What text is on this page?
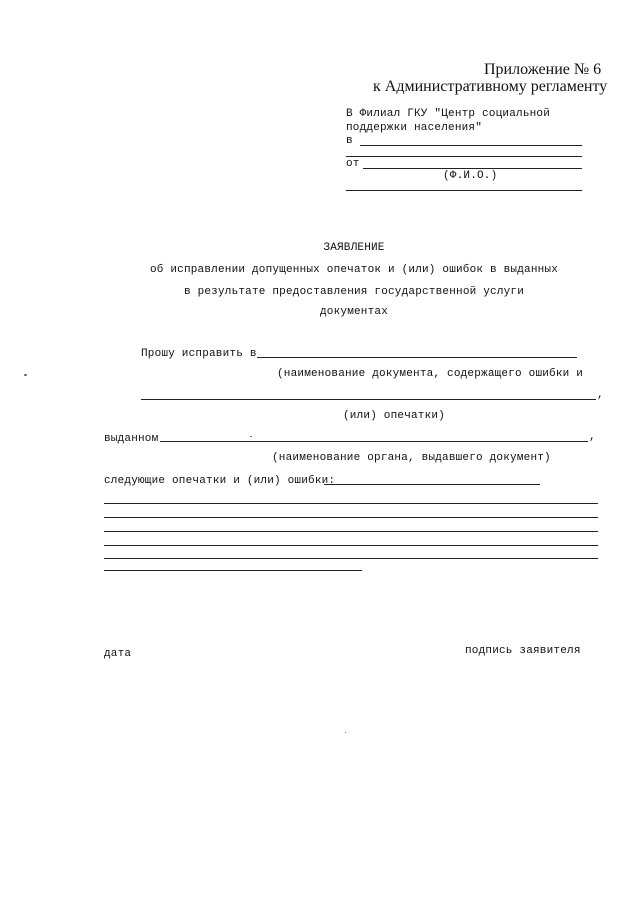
Приложение № 6
к Административному регламенту
В Филиал ГКУ "Центр социальной
поддержки населения"
в
от
(Ф.И.О.)
ЗАЯВЛЕНИЕ
об исправлении допущенных опечаток и (или) ошибок в выданных
в результате предоставления государственной услуги
документах
Прошу исправить в
(наименование документа, содержащего ошибки и
,
(или) опечатки)
выданном	,
(наименование органа, выдавшего документ)
следующие опечатки и (или) ошибки:
дата	подпись заявителя
